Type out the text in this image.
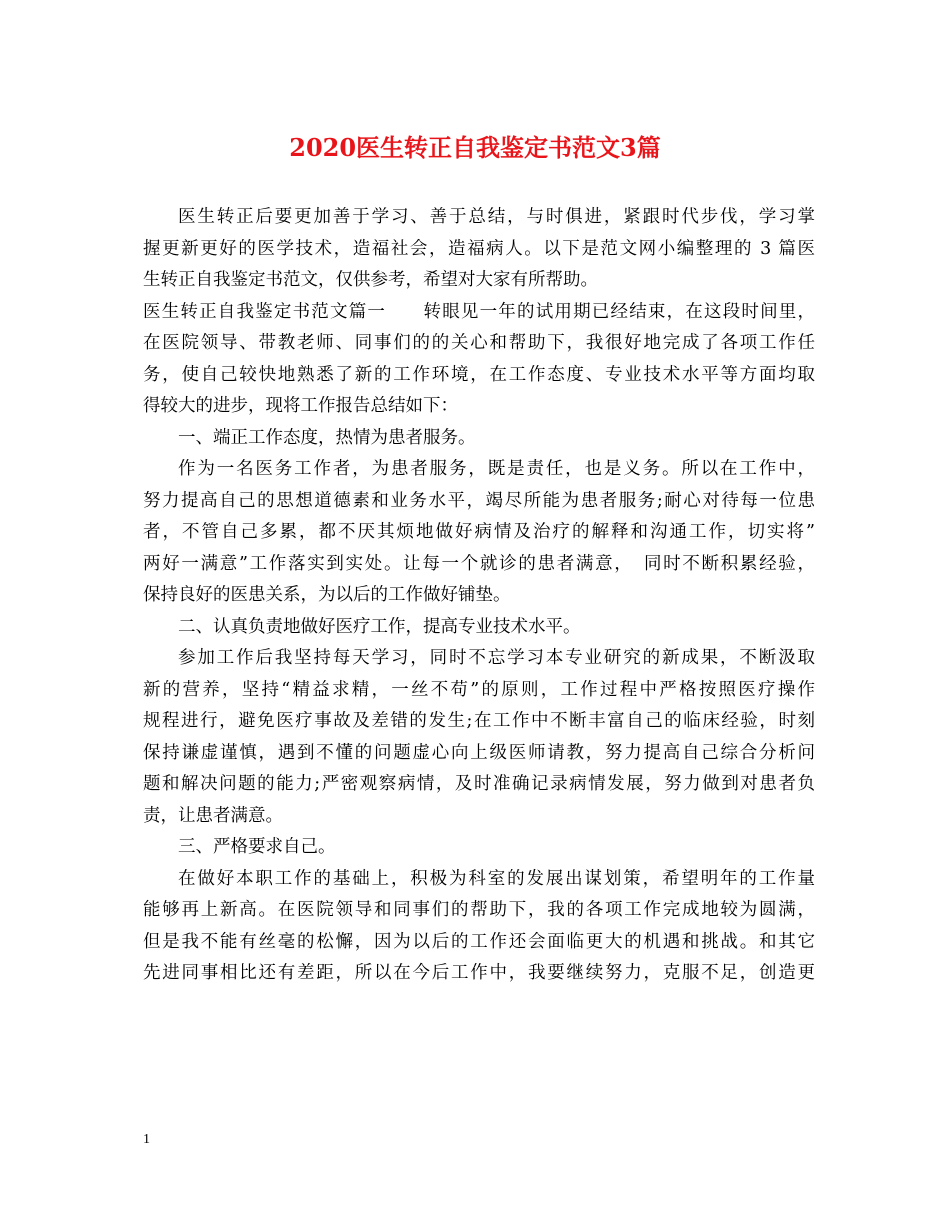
2020医生转正自我鉴定书范文3篇
医生转正后要更加善于学习、善于总结，与时俱进，紧跟时代步伐，学习掌
握更新更好的医学技术，造福社会，造福病人。以下是范文网小编整理的 3 篇医
生转正自我鉴定书范文，仅供参考，希望对大家有所帮助。
医生转正自我鉴定书范文篇一　　转眼见一年的试用期已经结束，在这段时间里，
在医院领导、带教老师、同事们的的关心和帮助下，我很好地完成了各项工作任
务，使自己较快地熟悉了新的工作环境，在工作态度、专业技术水平等方面均取
得较大的进步，现将工作报告总结如下：
一、端正工作态度，热情为患者服务。
作为一名医务工作者，为患者服务，既是责任，也是义务。所以在工作中，
努力提高自己的思想道德素和业务水平，竭尽所能为患者服务;耐心对待每一位患
者，不管自己多累，都不厌其烦地做好病情及治疗的解释和沟通工作，切实将”
两好一满意”工作落实到实处。让每一个就诊的患者满意，　同时不断积累经验，
保持良好的医患关系，为以后的工作做好铺垫。
二、认真负责地做好医疗工作，提高专业技术水平。
参加工作后我坚持每天学习，同时不忘学习本专业研究的新成果，不断汲取
新的营养，坚持“精益求精，一丝不苟”的原则，工作过程中严格按照医疗操作
规程进行，避免医疗事故及差错的发生;在工作中不断丰富自己的临床经验，时刻
保持谦虚谨慎，遇到不懂的问题虚心向上级医师请教，努力提高自己综合分析问
题和解决问题的能力;严密观察病情，及时准确记录病情发展，努力做到对患者负
责，让患者满意。
三、严格要求自己。
在做好本职工作的基础上，积极为科室的发展出谋划策，希望明年的工作量
能够再上新高。在医院领导和同事们的帮助下，我的各项工作完成地较为圆满，
但是我不能有丝毫的松懈，因为以后的工作还会面临更大的机遇和挑战。和其它
先进同事相比还有差距，所以在今后工作中，我要继续努力，克服不足，创造更
1
